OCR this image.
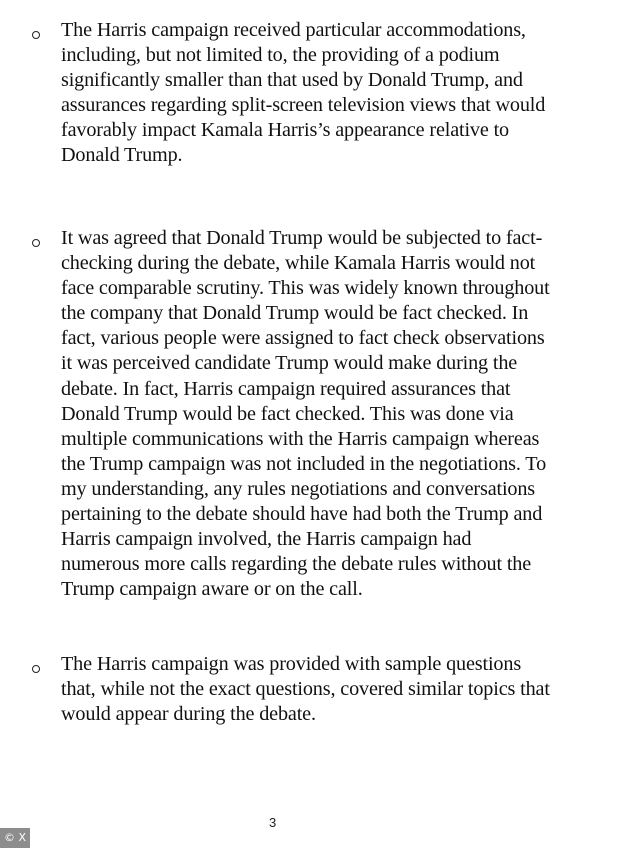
The Harris campaign received particular accommodations,
including, but not limited to, the providing of a podium
significantly smaller than that used by Donald Trump, and
assurances regarding split-screen television views that would
favorably impact Kamala Harris’s appearance relative to
Donald Trump.
It was agreed that Donald Trump would be subjected to fact-
checking during the debate, while Kamala Harris would not
face comparable scrutiny. This was widely known throughout
the company that Donald Trump would be fact checked. In
fact, various people were assigned to fact check observations
it was perceived candidate Trump would make during the
debate. In fact, Harris campaign required assurances that
Donald Trump would be fact checked. This was done via
multiple communications with the Harris campaign whereas
the Trump campaign was not included in the negotiations. To
my understanding, any rules negotiations and conversations
pertaining to the debate should have had both the Trump and
Harris campaign involved, the Harris campaign had
numerous more calls regarding the debate rules without the
Trump campaign aware or on the call.
The Harris campaign was provided with sample questions
that, while not the exact questions, covered similar topics that
would appear during the debate.
3
© X
